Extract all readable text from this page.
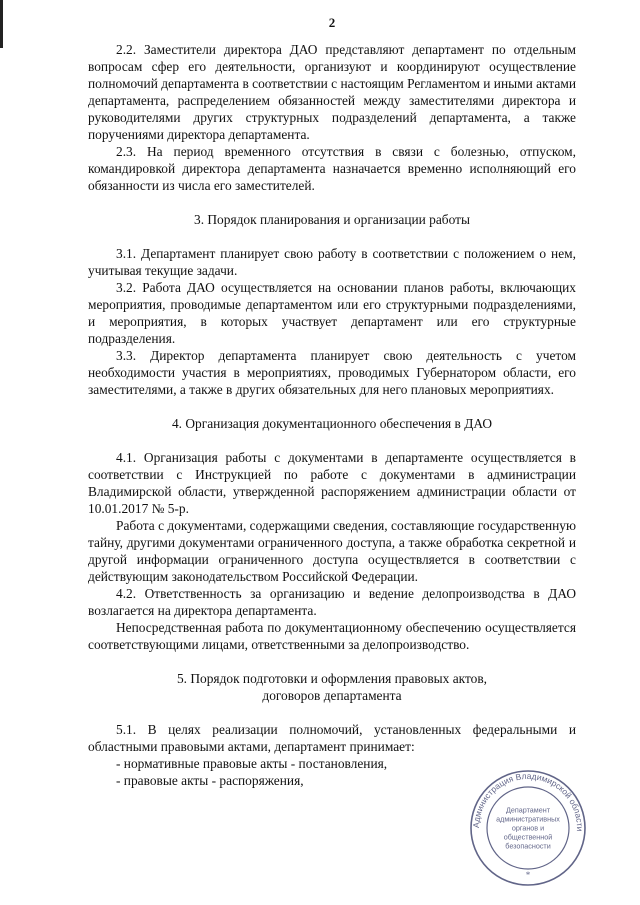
2

2.2. Заместители директора ДАО представляют департамент по отдельным вопросам сфер его деятельности, организуют и координируют осуществление полномочий департамента в соответствии с настоящим Регламентом и иными актами департамента, распределением обязанностей между заместителями директора и руководителями других структурных подразделений департамента, а также поручениями директора департамента.

2.3. На период временного отсутствия в связи с болезнью, отпуском, командировкой директора департамента назначается временно исполняющий его обязанности из числа его заместителей.

3. Порядок планирования и организации работы

3.1. Департамент планирует свою работу в соответствии с положением о нем, учитывая текущие задачи.

3.2. Работа ДАО осуществляется на основании планов работы, включающих мероприятия, проводимые департаментом или его структурными подразделениями, и мероприятия, в которых участвует департамент или его структурные подразделения.

3.3. Директор департамента планирует свою деятельность с учетом необходимости участия в мероприятиях, проводимых Губернатором области, его заместителями, а также в других обязательных для него плановых мероприятиях.

4. Организация документационного обеспечения в ДАО

4.1. Организация работы с документами в департаменте осуществляется в соответствии с Инструкцией по работе с документами в администрации Владимирской области, утвержденной распоряжением администрации области от 10.01.2017 № 5-р.

Работа с документами, содержащими сведения, составляющие государственную тайну, другими документами ограниченного доступа, а также обработка секретной и другой информации ограниченного доступа осуществляется в соответствии с действующим законодательством Российской Федерации.

4.2. Ответственность за организацию и ведение делопроизводства в ДАО возлагается на директора департамента.

Непосредственная работа по документационному обеспечению осуществляется соответствующими лицами, ответственными за делопроизводство.

5. Порядок подготовки и оформления правовых актов,

договоров департамента

5.1. В целях реализации полномочий, установленных федеральными и областными правовыми актами, департамент принимает:

- нормативные правовые акты - постановления,

- правовые акты - распоряжения,

Администрация Владимирской области
Департамент
административных
органов и
общественной
безопасности
*
